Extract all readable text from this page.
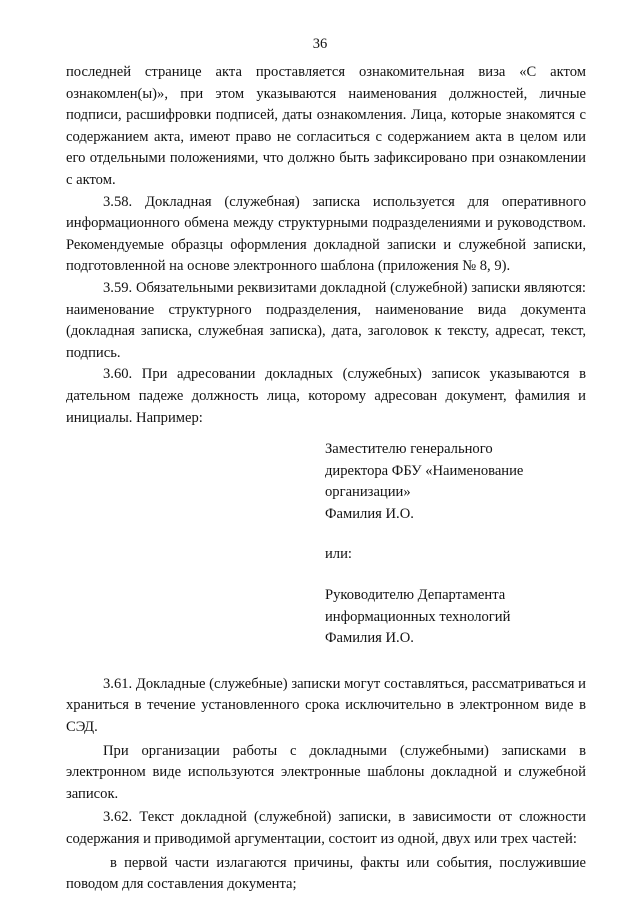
36

последней странице акта проставляется ознакомительная виза «С актом ознакомлен(ы)», при этом указываются наименования должностей, личные подписи, расшифровки подписей, даты ознакомления. Лица, которые знакомятся с содержанием акта, имеют право не согласиться с содержанием акта в целом или его отдельными положениями, что должно быть зафиксировано при ознакомлении с актом.

3.58. Докладная (служебная) записка используется для оперативного информационного обмена между структурными подразделениями и руководством. Рекомендуемые образцы оформления докладной записки и служебной записки, подготовленной на основе электронного шаблона (приложения № 8, 9).

3.59. Обязательными реквизитами докладной (служебной) записки являются: наименование структурного подразделения, наименование вида документа (докладная записка, служебная записка), дата, заголовок к тексту, адресат, текст, подпись.

3.60. При адресовании докладных (служебных) записок указываются в дательном падеже должность лица, которому адресован документ, фамилия и инициалы. Например:

Заместителю генерального

директора ФБУ «Наименование

организации»

Фамилия И.О.

или:

Руководителю Департамента

информационных технологий

Фамилия И.О.

3.61. Докладные (служебные) записки могут составляться, рассматриваться и храниться в течение установленного срока исключительно в электронном виде в СЭД.

При организации работы с докладными (служебными) записками в электронном виде используются электронные шаблоны докладной и служебной записок.

3.62. Текст докладной (служебной) записки, в зависимости от сложности содержания и приводимой аргументации, состоит из одной, двух или трех частей:

в первой части излагаются причины, факты или события, послужившие поводом для составления документа;
